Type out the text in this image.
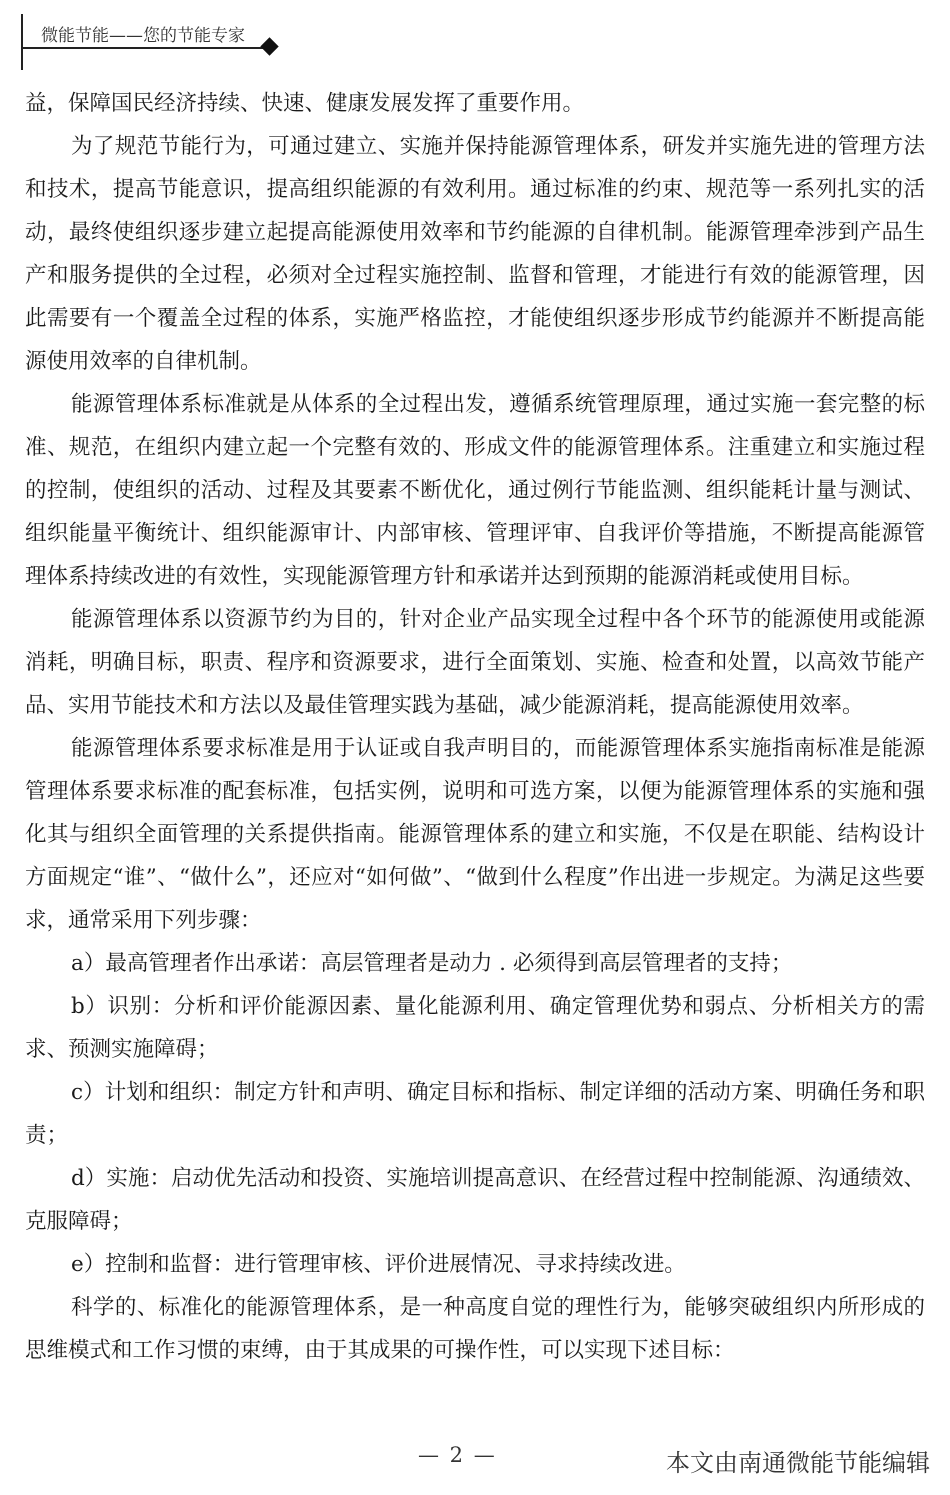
微能节能——您的节能专家

益，保障国民经济持续、快速、健康发展发挥了重要作用。

为了规范节能行为，可通过建立、实施并保持能源管理体系，研发并实施先进的管理方法和技术，提高节能意识，提高组织能源的有效利用。通过标准的约束、规范等一系列扎实的活动，最终使组织逐步建立起提高能源使用效率和节约能源的自律机制。能源管理牵涉到产品生产和服务提供的全过程，必须对全过程实施控制、监督和管理，才能进行有效的能源管理，因此需要有一个覆盖全过程的体系，实施严格监控，才能使组织逐步形成节约能源并不断提高能源使用效率的自律机制。

能源管理体系标准就是从体系的全过程出发，遵循系统管理原理，通过实施一套完整的标准、规范，在组织内建立起一个完整有效的、形成文件的能源管理体系。注重建立和实施过程的控制，使组织的活动、过程及其要素不断优化，通过例行节能监测、组织能耗计量与测试、组织能量平衡统计、组织能源审计、内部审核、管理评审、自我评价等措施，不断提高能源管理体系持续改进的有效性，实现能源管理方针和承诺并达到预期的能源消耗或使用目标。

能源管理体系以资源节约为目的，针对企业产品实现全过程中各个环节的能源使用或能源消耗，明确目标，职责、程序和资源要求，进行全面策划、实施、检查和处置，以高效节能产品、实用节能技术和方法以及最佳管理实践为基础，减少能源消耗，提高能源使用效率。

能源管理体系要求标准是用于认证或自我声明目的，而能源管理体系实施指南标准是能源管理体系要求标准的配套标准，包括实例，说明和可选方案，以便为能源管理体系的实施和强化其与组织全面管理的关系提供指南。能源管理体系的建立和实施，不仅是在职能、结构设计方面规定“谁”、“做什么”，还应对“如何做”、“做到什么程度”作出进一步规定。为满足这些要求，通常采用下列步骤：

a）最高管理者作出承诺：高层管理者是动力 . 必须得到高层管理者的支持；

b）识别：分析和评价能源因素、量化能源利用、确定管理优势和弱点、分析相关方的需求、预测实施障碍；

c）计划和组织：制定方针和声明、确定目标和指标、制定详细的活动方案、明确任务和职责；

d）实施：启动优先活动和投资、实施培训提高意识、在经营过程中控制能源、沟通绩效、克服障碍；

e）控制和监督：进行管理审核、评价进展情况、寻求持续改进。

科学的、标准化的能源管理体系，是一种高度自觉的理性行为，能够突破组织内所形成的思维模式和工作习惯的束缚，由于其成果的可操作性，可以实现下述目标：

— 2 —	本文由南通微能节能编辑
